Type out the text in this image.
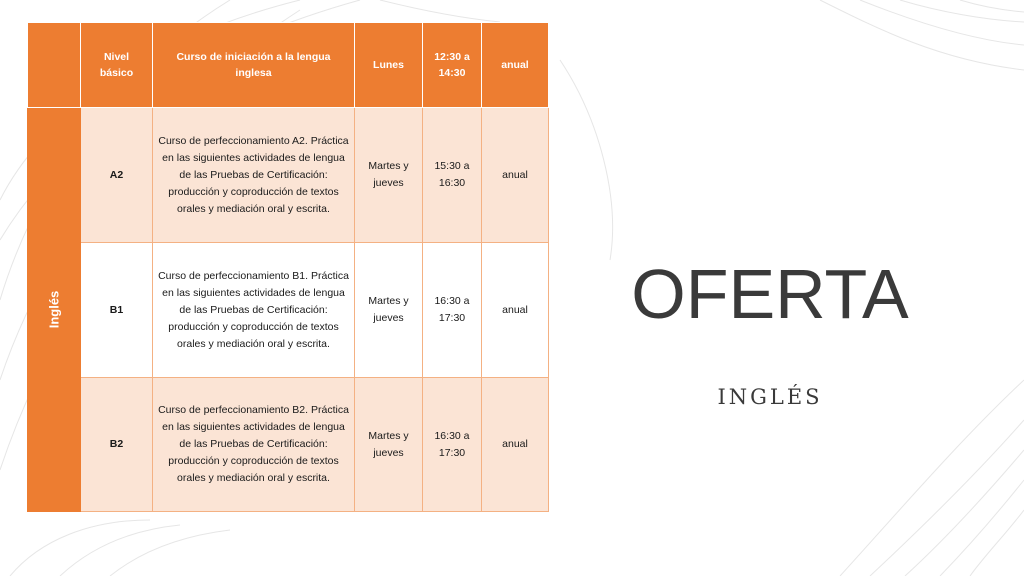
	Nivel básico	Curso de iniciación a la lengua inglesa	Lunes	12:30 a 14:30	anual
Inglés	A2	Curso de perfeccionamiento A2. Práctica en las siguientes actividades de lengua de las Pruebas de Certificación: producción y coproducción de textos orales y mediación oral y escrita.	Martes y jueves	15:30 a 16:30	anual
	B1	Curso de perfeccionamiento B1. Práctica en las siguientes actividades de lengua de las Pruebas de Certificación: producción y coproducción de textos orales y mediación oral y escrita.	Martes y jueves	16:30 a 17:30	anual
	B2	Curso de perfeccionamiento B2. Práctica en las siguientes actividades de lengua de las Pruebas de Certificación: producción y coproducción de textos orales y mediación oral y escrita.	Martes y jueves	16:30 a 17:30	anual
OFERTA
INGLÉS
